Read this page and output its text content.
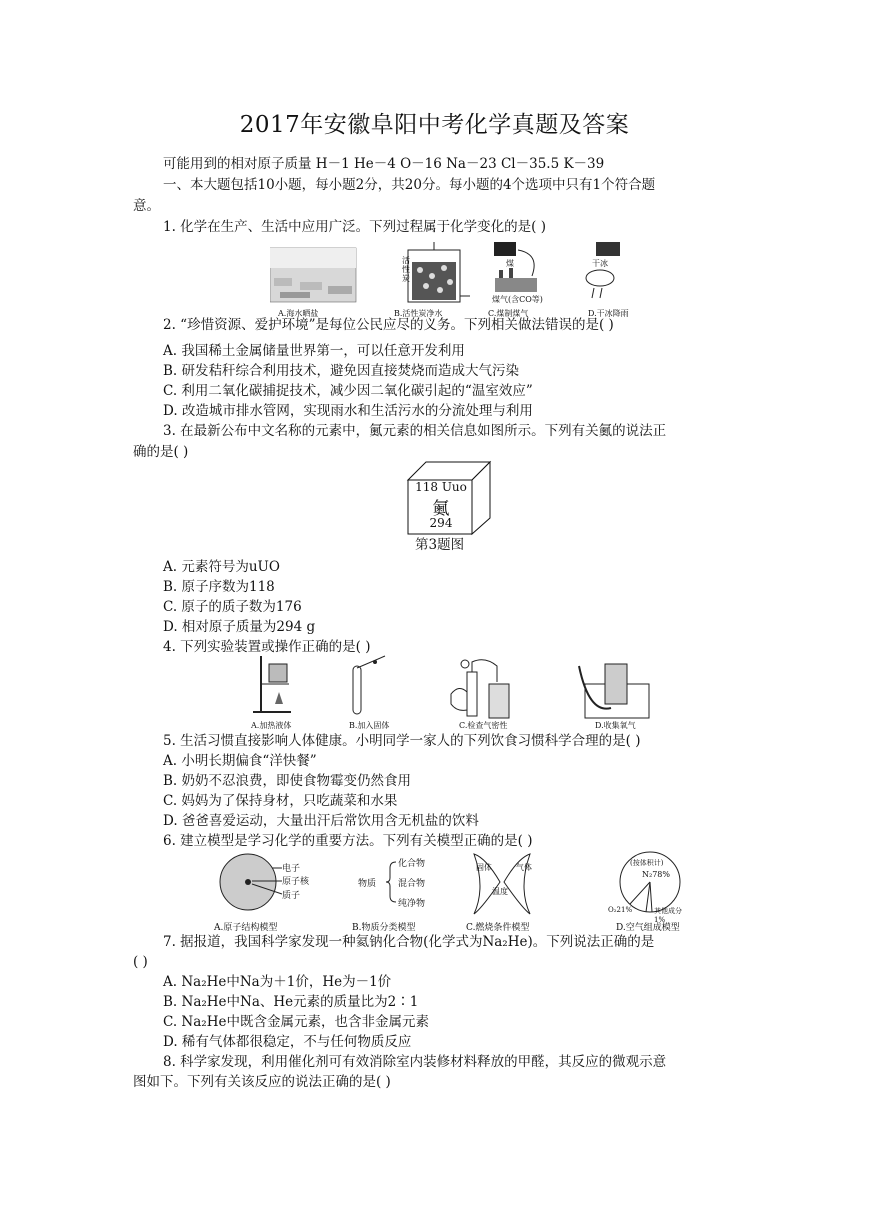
2017年安徽阜阳中考化学真题及答案
可能用到的相对原子质量 H－1 He－4 O－16 Na－23 Cl－35.5 K－39
一、本大题包括10小题，每小题2分，共20分。每小题的4个选项中只有1个符合题
意。
1. 化学在生产、生活中应用广泛。下列过程属于化学变化的是( )
活性炭
煤
煤气(含CO等)
干冰
A.海水晒盐	B.活性炭净水	C.煤制煤气	D.干冰降雨
2. “珍惜资源、爱护环境”是每位公民应尽的义务。下列相关做法错误的是( )
A. 我国稀土金属储量世界第一，可以任意开发利用
B. 研发秸秆综合利用技术，避免因直接焚烧而造成大气污染
C. 利用二氧化碳捕捉技术，减少因二氧化碳引起的“温室效应”
D. 改造城市排水管网，实现雨水和生活污水的分流处理与利用
3. 在最新公布中文名称的元素中，鿫元素的相关信息如图所示。下列有关鿫的说法正
确的是( )
118 Uuo
鿫
294
第3题图
A. 元素符号为uUO
B. 原子序数为118
C. 原子的质子数为176
D. 相对原子质量为294 g
4. 下列实验装置或操作正确的是( )
A.加热液体	B.加入固体	C.检查气密性	D.收集氧气
5. 生活习惯直接影响人体健康。小明同学一家人的下列饮食习惯科学合理的是( )
A. 小明长期偏食“洋快餐”
B. 奶奶不忍浪费，即使食物霉变仍然食用
C. 妈妈为了保持身材，只吃蔬菜和水果
D. 爸爸喜爱运动，大量出汗后常饮用含无机盐的饮料
6. 建立模型是学习化学的重要方法。下列有关模型正确的是( )
电子
原子核
质子
物质
化合物
混合物
纯净物
固体	气体
温度
(按体积计)
N₂78%
O₂21%	其他成分1%
A.原子结构模型	B.物质分类模型	C.燃烧条件模型	D.空气组成模型
7. 据报道，我国科学家发现一种氦钠化合物(化学式为Na₂He)。下列说法正确的是
( )
A. Na₂He中Na为＋1价，He为－1价
B. Na₂He中Na、He元素的质量比为2∶1
C. Na₂He中既含金属元素，也含非金属元素
D. 稀有气体都很稳定，不与任何物质反应
8. 科学家发现，利用催化剂可有效消除室内装修材料释放的甲醛，其反应的微观示意
图如下。下列有关该反应的说法正确的是( )
